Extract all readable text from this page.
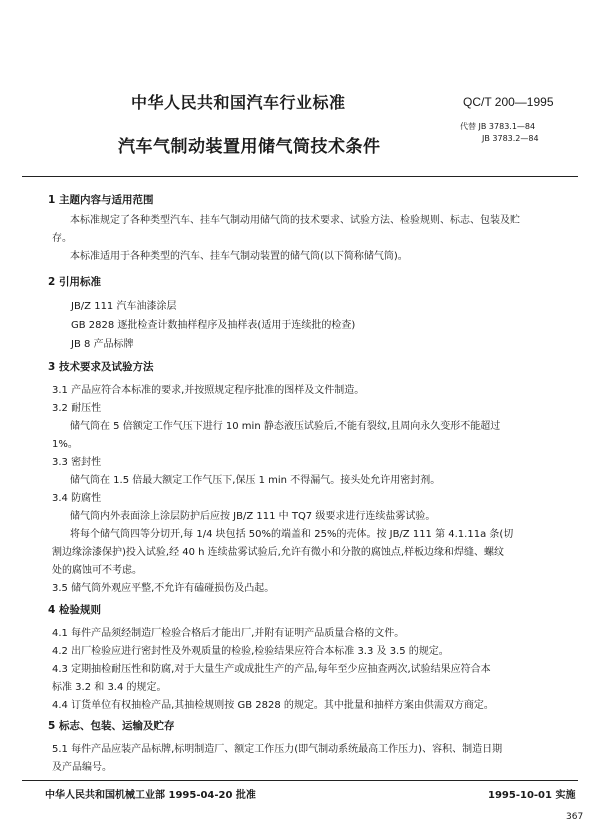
中华人民共和国汽车行业标准	QC/T 200—1995
汽车气制动装置用储气筒技术条件
代替 JB 3783.1—84
JB 3783.2—84
1 主题内容与适用范围
本标准规定了各种类型汽车、挂车气制动用储气筒的技术要求、试验方法、检验规则、标志、包装及贮
存。
本标准适用于各种类型的汽车、挂车气制动装置的储气筒(以下简称储气筒)。
2 引用标准
JB/Z 111 汽车油漆涂层
GB 2828 逐批检查计数抽样程序及抽样表(适用于连续批的检查)
JB 8 产品标牌
3 技术要求及试验方法
3.1 产品应符合本标准的要求,并按照规定程序批准的图样及文件制造。
3.2 耐压性
储气筒在 5 倍额定工作气压下进行 10 min 静态液压试验后,不能有裂纹,且周向永久变形不能超过
1%。
3.3 密封性
储气筒在 1.5 倍最大额定工作气压下,保压 1 min 不得漏气。接头处允许用密封剂。
3.4 防腐性
储气筒内外表面涂上涂层防护后应按 JB/Z 111 中 TQ7 级要求进行连续盐雾试验。
将每个储气筒四等分切开,每 1/4 块包括 50%的端盖和 25%的壳体。按 JB/Z 111 第 4.1.11a 条(切
割边缘涂漆保护)投入试验,经 40 h 连续盐雾试验后,允许有微小和分散的腐蚀点,样板边缘和焊缝、螺纹
处的腐蚀可不考虑。
3.5 储气筒外观应平整,不允许有磕碰损伤及凸起。
4 检验规则
4.1 每件产品须经制造厂检验合格后才能出厂,并附有证明产品质量合格的文件。
4.2 出厂检验应进行密封性及外观质量的检验,检验结果应符合本标准 3.3 及 3.5 的规定。
4.3 定期抽检耐压性和防腐,对于大量生产或成批生产的产品,每年至少应抽查两次,试验结果应符合本
标准 3.2 和 3.4 的规定。
4.4 订货单位有权抽检产品,其抽检规则按 GB 2828 的规定。其中批量和抽样方案由供需双方商定。
5 标志、包装、运输及贮存
5.1 每件产品应装产品标牌,标明制造厂、额定工作压力(即气制动系统最高工作压力)、容积、制造日期
及产品编号。
中华人民共和国机械工业部 1995-04-20 批准	1995-10-01 实施
367
